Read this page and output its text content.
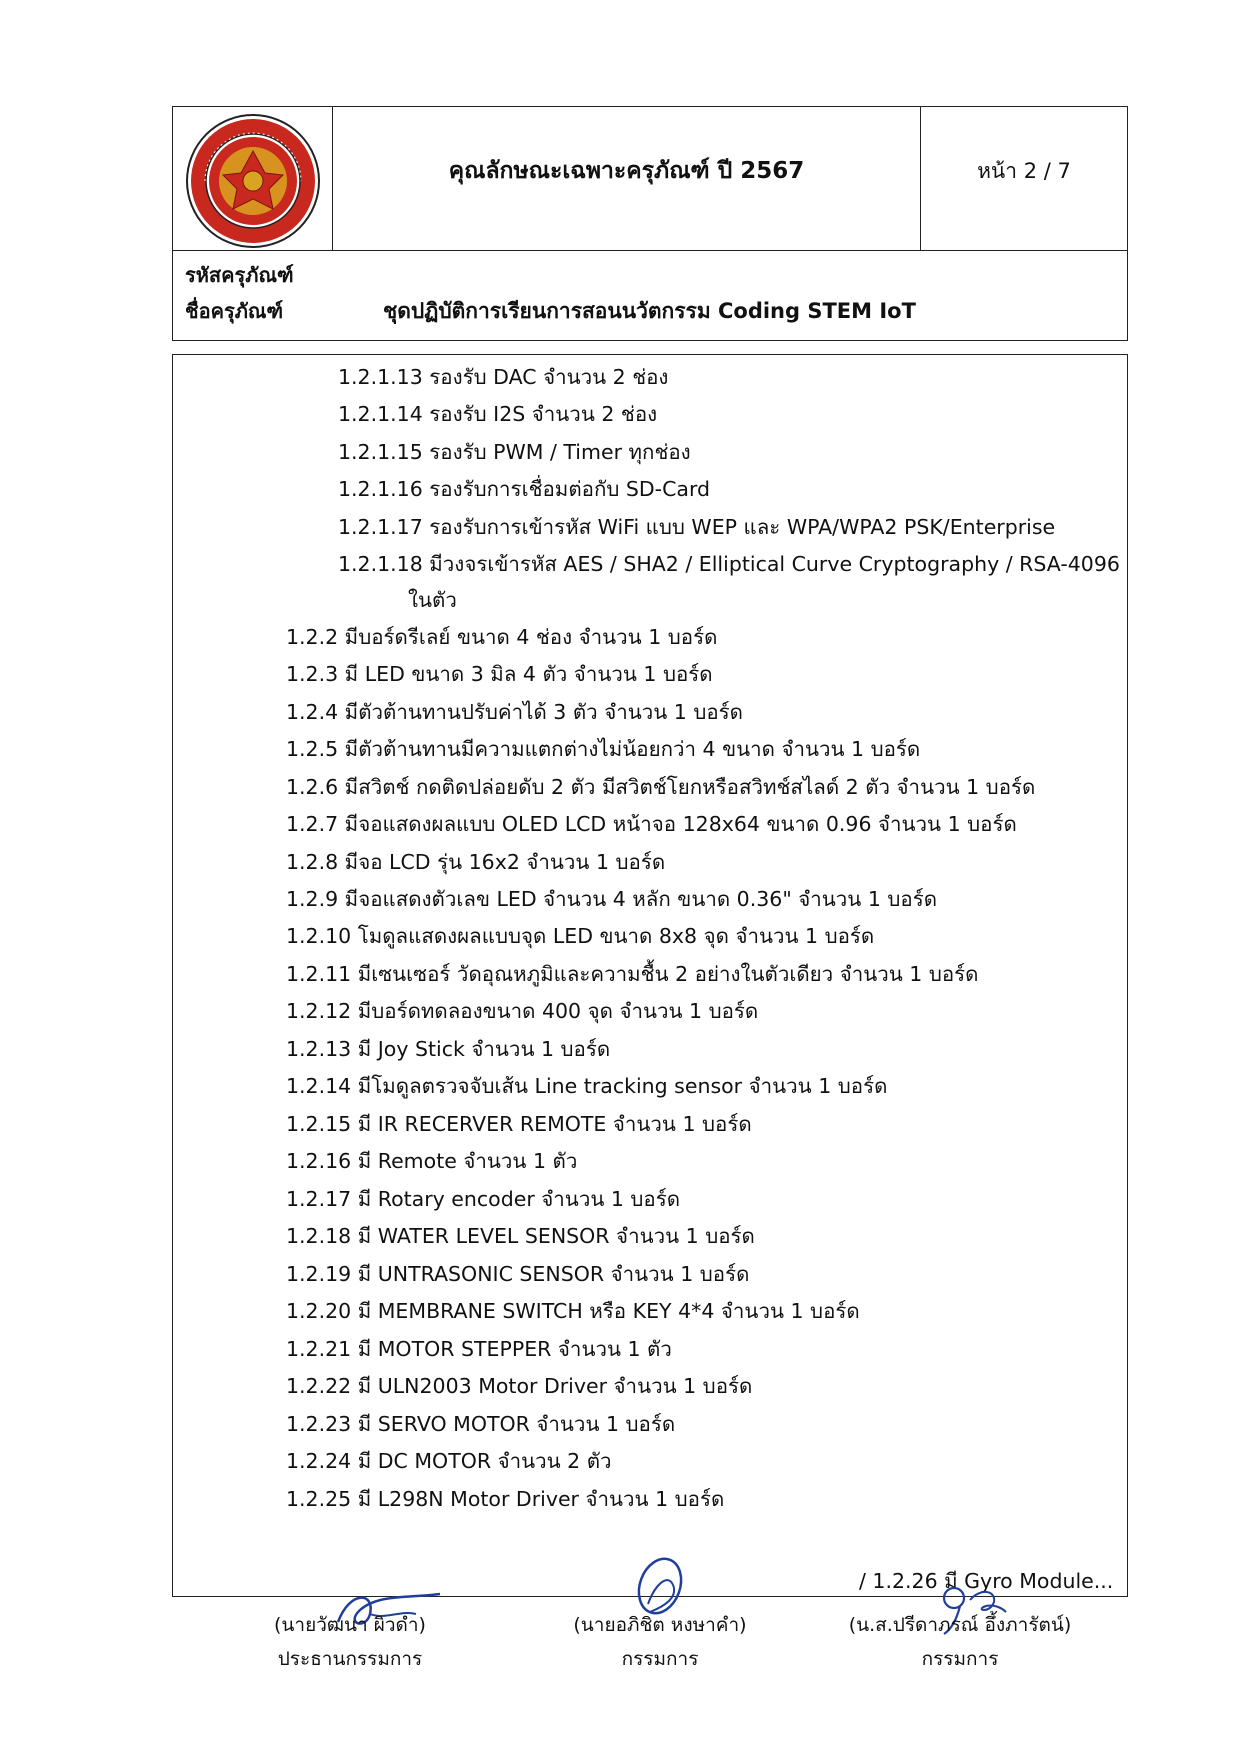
คุณลักษณะเฉพาะครุภัณฑ์ ปี 2567	หน้า 2 / 7
รหัสครุภัณฑ์
ชื่อครุภัณฑ์	ชุดปฏิบัติการเรียนการสอนนวัตกรรม Coding STEM IoT
1.2.1.13 รองรับ DAC จำนวน 2 ช่อง
1.2.1.14 รองรับ I2S จำนวน 2 ช่อง
1.2.1.15 รองรับ PWM / Timer ทุกช่อง
1.2.1.16 รองรับการเชื่อมต่อกับ SD-Card
1.2.1.17 รองรับการเข้ารหัส WiFi แบบ WEP และ WPA/WPA2 PSK/Enterprise
1.2.1.18 มีวงจรเข้ารหัส AES / SHA2 / Elliptical Curve Cryptography / RSA-4096
ในตัว
1.2.2 มีบอร์ดรีเลย์ ขนาด 4 ช่อง จำนวน 1 บอร์ด
1.2.3 มี LED ขนาด 3 มิล 4 ตัว จำนวน 1 บอร์ด
1.2.4 มีตัวต้านทานปรับค่าได้ 3 ตัว จำนวน 1 บอร์ด
1.2.5 มีตัวต้านทานมีความแตกต่างไม่น้อยกว่า 4 ขนาด จำนวน 1 บอร์ด
1.2.6 มีสวิตช์ กดติดปล่อยดับ 2 ตัว มีสวิตช์โยกหรือสวิทช์สไลด์ 2 ตัว จำนวน 1 บอร์ด
1.2.7 มีจอแสดงผลแบบ OLED LCD หน้าจอ 128x64 ขนาด 0.96 จำนวน 1 บอร์ด
1.2.8 มีจอ LCD รุ่น 16x2 จำนวน 1 บอร์ด
1.2.9 มีจอแสดงตัวเลข LED จำนวน 4 หลัก ขนาด 0.36" จำนวน 1 บอร์ด
1.2.10 โมดูลแสดงผลแบบจุด LED ขนาด 8x8 จุด จำนวน 1 บอร์ด
1.2.11 มีเซนเซอร์ วัดอุณหภูมิและความชื้น 2 อย่างในตัวเดียว จำนวน 1 บอร์ด
1.2.12 มีบอร์ดทดลองขนาด 400 จุด จำนวน 1 บอร์ด
1.2.13 มี Joy Stick จำนวน 1 บอร์ด
1.2.14 มีโมดูลตรวจจับเส้น Line tracking sensor จำนวน 1 บอร์ด
1.2.15 มี IR RECERVER REMOTE จำนวน 1 บอร์ด
1.2.16 มี Remote จำนวน 1 ตัว
1.2.17 มี Rotary encoder จำนวน 1 บอร์ด
1.2.18 มี WATER LEVEL SENSOR จำนวน 1 บอร์ด
1.2.19 มี UNTRASONIC SENSOR จำนวน 1 บอร์ด
1.2.20 มี MEMBRANE SWITCH หรือ KEY 4*4 จำนวน 1 บอร์ด
1.2.21 มี MOTOR STEPPER จำนวน 1 ตัว
1.2.22 มี ULN2003 Motor Driver จำนวน 1 บอร์ด
1.2.23 มี SERVO MOTOR จำนวน 1 บอร์ด
1.2.24 มี DC MOTOR จำนวน 2 ตัว
1.2.25 มี L298N Motor Driver จำนวน 1 บอร์ด
/ 1.2.26 มี Gyro Module...
(นายวัฒนา ผิวดำ)
ประธานกรรมการ
(นายอภิชิต หงษาคำ)
กรรมการ
(น.ส.ปรีดาภรณ์ อึ้งภารัตน์)
กรรมการ
